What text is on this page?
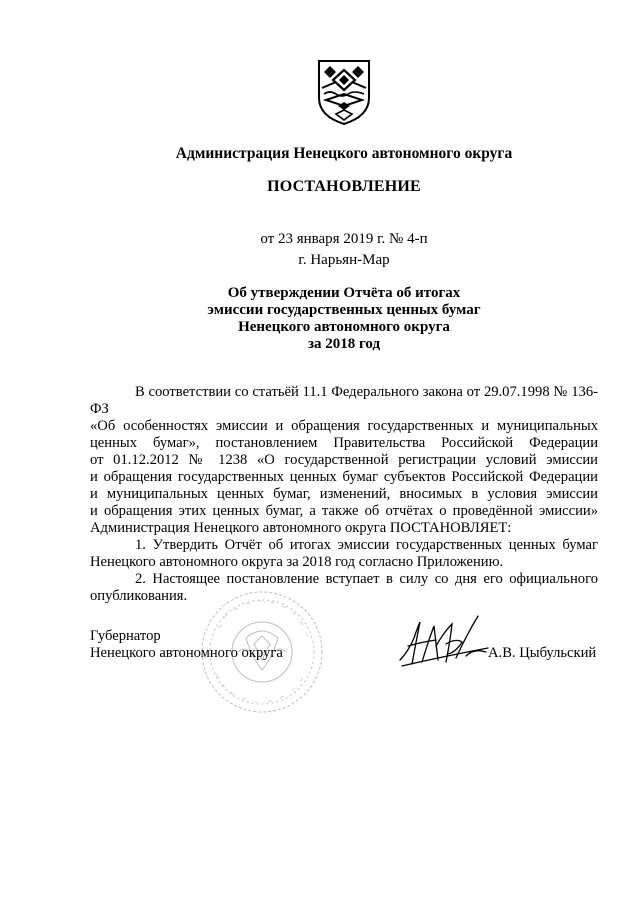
Администрация Ненецкого автономного округа
ПОСТАНОВЛЕНИЕ
от 23 января 2019 г. № 4-п
г. Нарьян-Мар
Об утверждении Отчёта об итогах
эмиссии государственных ценных бумаг
Ненецкого автономного округа
за 2018 год
В соответствии со статьёй 11.1 Федерального закона от 29.07.1998 № 136-ФЗ
«Об особенностях эмиссии и обращения государственных и муниципальных
ценных бумаг», постановлением Правительства Российской Федерации
от 01.12.2012 № 1238 «О государственной регистрации условий эмиссии
и обращения государственных ценных бумаг субъектов Российской Федерации
и муниципальных ценных бумаг, изменений, вносимых в условия эмиссии
и обращения этих ценных бумаг, а также об отчётах о проведённой эмиссии»
Администрация Ненецкого автономного округа ПОСТАНОВЛЯЕТ:
1. Утвердить Отчёт об итогах эмиссии государственных ценных бумаг
Ненецкого автономного округа за 2018 год согласно Приложению.
2. Настоящее постановление вступает в силу со дня его официального
опубликования.
Губернатор
Ненецкого автономного округа	А.В. Цыбульский
